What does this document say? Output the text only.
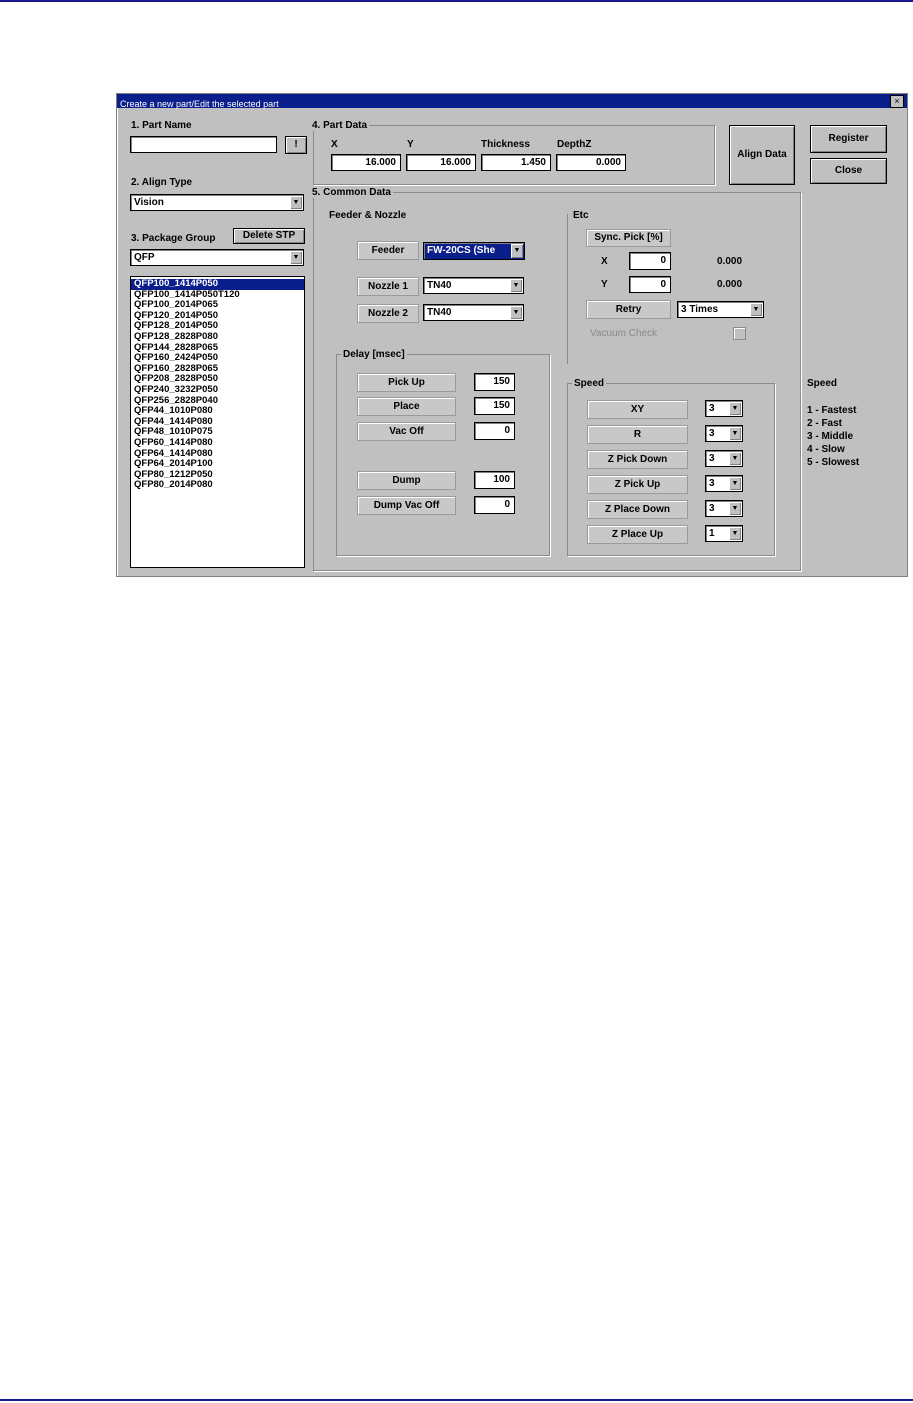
Create a new part/Edit the selected part	×
1. Part Name
!
2. Align Type
Vision	▼
3. Package Group	Delete STP
QFP	▼
QFP100_1414P050
QFP100_1414P050T120
QFP100_2014P065
QFP120_2014P050
QFP128_2014P050
QFP128_2828P080
QFP144_2828P065
QFP160_2424P050
QFP160_2828P065
QFP208_2828P050
QFP240_3232P050
QFP256_2828P040
QFP44_1010P080
QFP44_1414P080
QFP48_1010P075
QFP60_1414P080
QFP64_1414P080
QFP64_2014P100
QFP80_1212P050
QFP80_2014P080
4. Part Data
X	Y	Thickness	DepthZ
16.000	16.000	1.450	0.000
Align Data
Register
Close
5. Common Data
Feeder & Nozzle
Feeder	FW-20CS (She	▼
Nozzle 1	TN40	▼
Nozzle 2	TN40	▼
Etc
Sync. Pick [%]
X	0	0.000
Y	0	0.000
Retry	3 Times	▼
Vacuum Check
Delay [msec]
Pick Up	150
Place	150
Vac Off	0
Dump	100
Dump Vac Off	0
Speed
XY	3	▼
R	3	▼
Z Pick Down	3	▼
Z Pick Up	3	▼
Z Place Down	3	▼
Z Place Up	1	▼
Speed
1 - Fastest
2 - Fast
3 - Middle
4 - Slow
5 - Slowest
